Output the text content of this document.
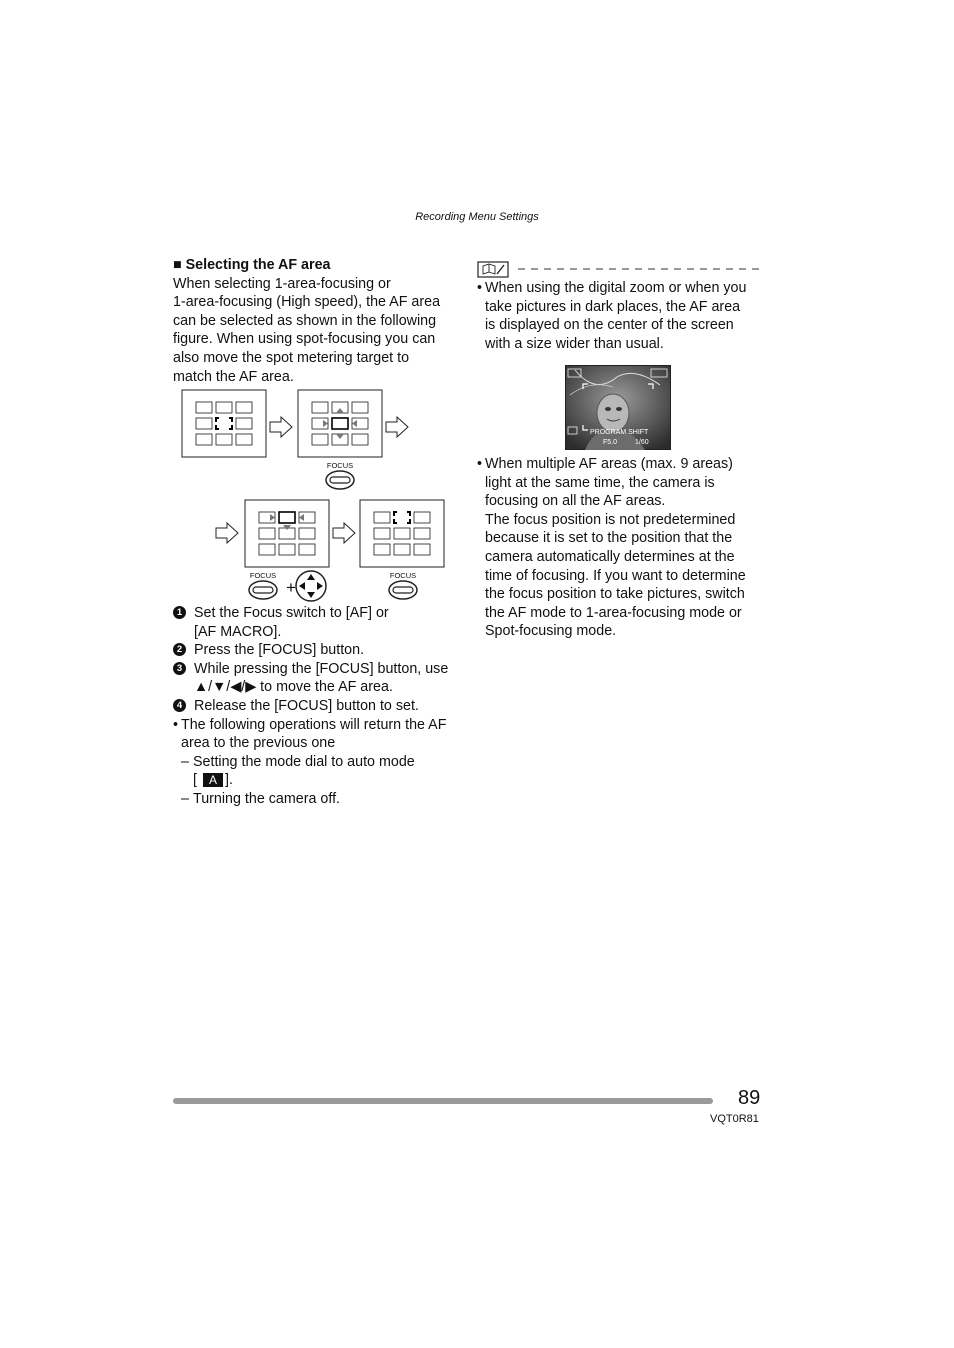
Recording Menu Settings
■ Selecting the AF area
When selecting 1-area-focusing or
1-area-focusing (High speed), the AF area
can be selected as shown in the following
figure. When using spot-focusing you can
also move the spot metering target to
match the AF area.
FOCUS
FOCUS
+
FOCUS
1 Set the Focus switch to [AF] or
[AF MACRO].
2 Press the [FOCUS] button.
3 While pressing the [FOCUS] button, use
▲/▼/◀/▶ to move the AF area.
4 Release the [FOCUS] button to set.
• The following operations will return the AF
area to the previous one
– Setting the mode dial to auto mode
[ A ].
– Turning the camera off.
• When using the digital zoom or when you
take pictures in dark places, the AF area
is displayed on the center of the screen
with a size wider than usual.
PROGRAM SHIFT
F5.0	1/60
• When multiple AF areas (max. 9 areas)
light at the same time, the camera is
focusing on all the AF areas.
The focus position is not predetermined
because it is set to the position that the
camera automatically determines at the
time of focusing. If you want to determine
the focus position to take pictures, switch
the AF mode to 1-area-focusing mode or
Spot-focusing mode.
89
VQT0R81
